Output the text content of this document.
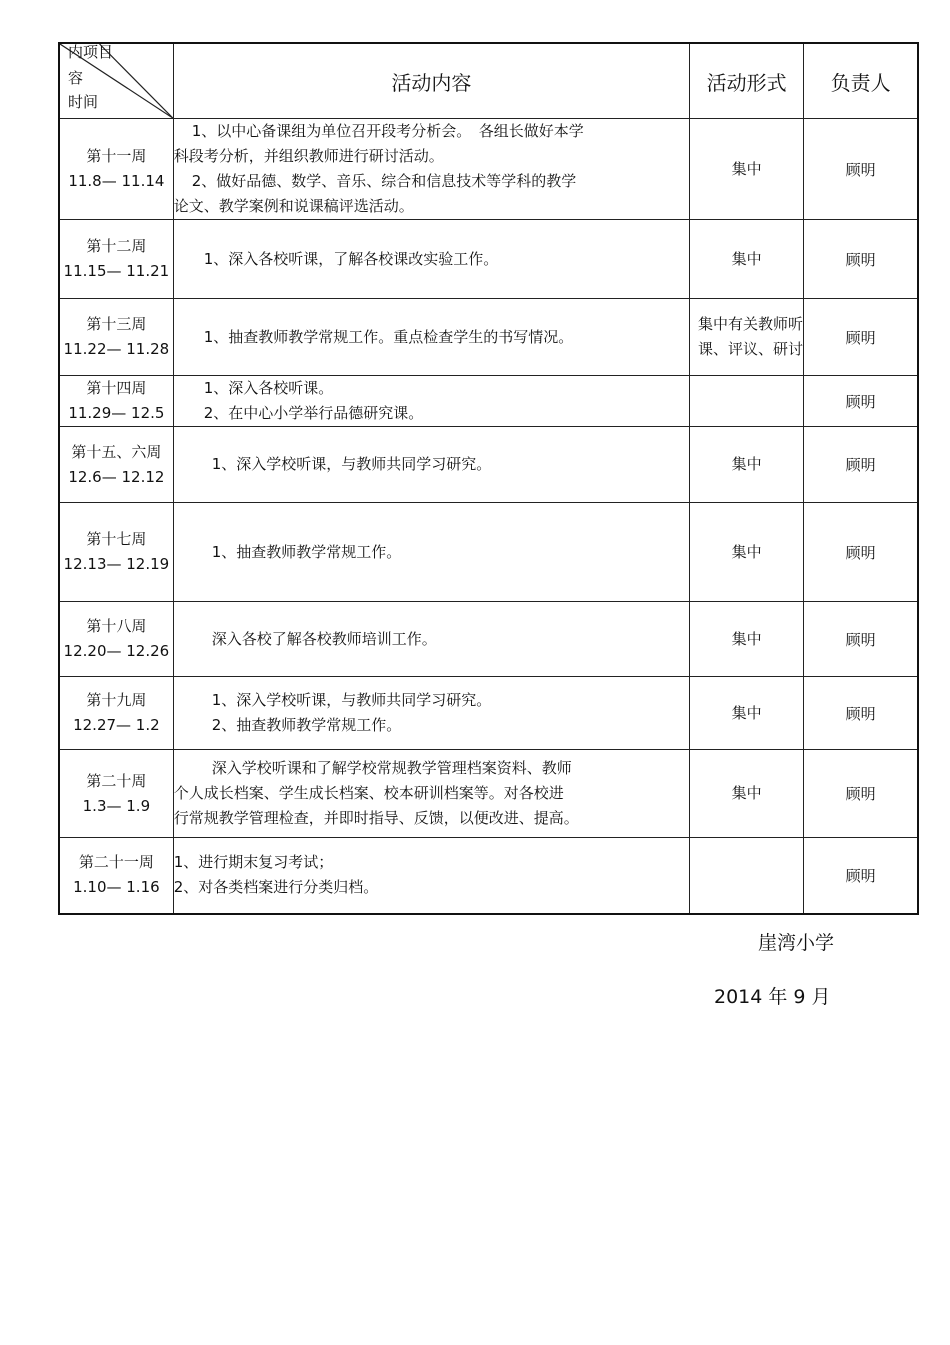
内项目
容
时间	活动内容	活动形式	负责人

第十一周
11.8— 11.14	1、以中心备课组为单位召开段考分析会。　各组长做好本学
科段考分析，并组织教师进行研讨活动。
2、做好品德、数学、音乐、综合和信息技术等学科的教学
论文、教学案例和说课稿评选活动。	集中	顾明

第十二周
11.15— 11.21	1、深入各校听课，了解各校课改实验工作。	集中	顾明

第十三周
11.22— 11.28	1、抽查教师教学常规工作。重点检查学生的书写情况。	集中有关教师听课、评议、研讨	顾明

第十四周
11.29— 12.5	1、深入各校听课。
2、在中心小学举行品德研究课。		顾明

第十五、六周
12.6— 12.12	1、深入学校听课，与教师共同学习研究。	集中	顾明

第十七周
12.13— 12.19	1、抽查教师教学常规工作。	集中	顾明

第十八周
12.20— 12.26	深入各校了解各校教师培训工作。	集中	顾明

第十九周
12.27— 1.2	1、深入学校听课，与教师共同学习研究。
2、抽查教师教学常规工作。	集中	顾明

第二十周
1.3— 1.9	深入学校听课和了解学校常规教学管理档案资料、教师
个人成长档案、学生成长档案、校本研训档案等。对各校进
行常规教学管理检查，并即时指导、反馈，以便改进、提高。	集中	顾明

第二十一周
1.10— 1.16	1、进行期末复习考试；
2、对各类档案进行分类归档。		顾明
崖湾小学
2014 年 9 月
